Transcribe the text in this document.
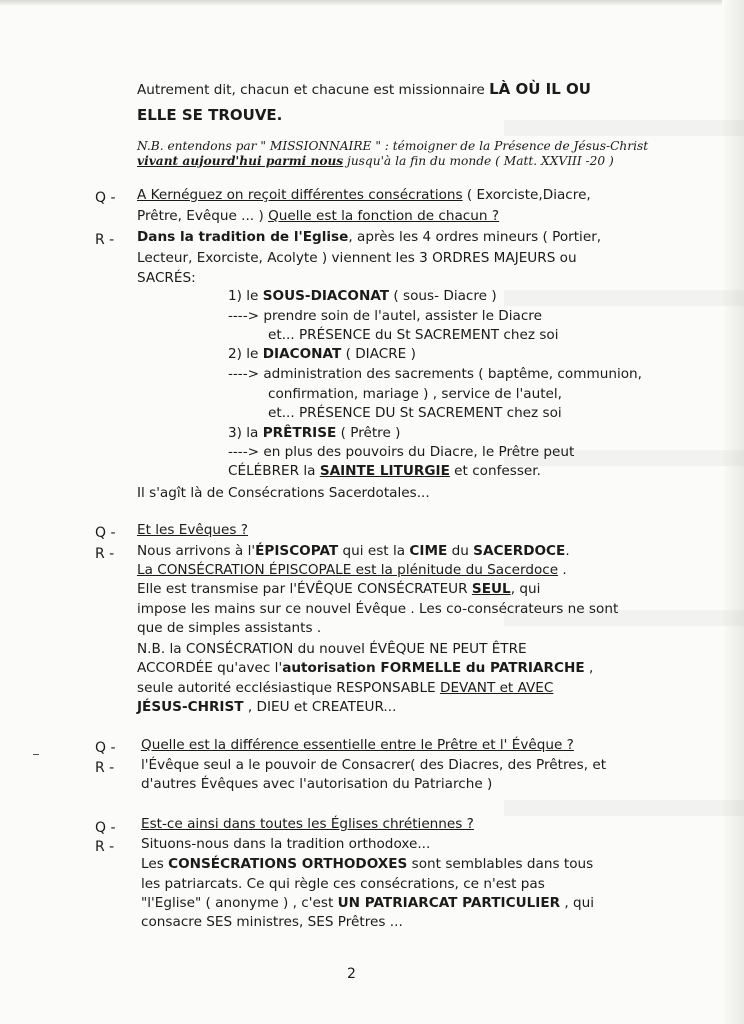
Autrement dit, chacun et chacune est missionnaire LÀ OÙ IL OU
ELLE SE TROUVE.
N.B. entendons par " MISSIONNAIRE " : témoigner de la Présence de Jésus-Christ
vivant aujourd'hui parmi nous jusqu'à la fin du monde ( Matt. XXVIII -20 )
Q - A Kernéguez on reçoit différentes consécrations ( Exorciste,Diacre,
Prêtre, Evêque ... ) Quelle est la fonction de chacun ?
R - Dans la tradition de l'Eglise, après les 4 ordres mineurs ( Portier,
Lecteur, Exorciste, Acolyte ) viennent les 3 ORDRES MAJEURS ou
SACRÉS:
1) le SOUS-DIACONAT ( sous- Diacre )
----> prendre soin de l'autel, assister le Diacre
et... PRÉSENCE du St SACREMENT chez soi
2) le DIACONAT ( DIACRE )
----> administration des sacrements ( baptême, communion,
confirmation, mariage ) , service de l'autel,
et... PRÉSENCE DU St SACREMENT chez soi
3) la PRÊTRISE ( Prêtre )
----> en plus des pouvoirs du Diacre, le Prêtre peut
CÉLÉBRER la SAINTE LITURGIE et confesser.
Il s'agît là de Consécrations Sacerdotales...
Q - Et les Evêques ?
R - Nous arrivons à l'ÉPISCOPAT qui est la CIME du SACERDOCE.
La CONSÉCRATION ÉPISCOPALE est la plénitude du Sacerdoce .
Elle est transmise par l'ÉVÊQUE CONSÉCRATEUR SEUL, qui
impose les mains sur ce nouvel Évêque . Les co-consécrateurs ne sont
que de simples assistants .
N.B. la CONSÉCRATION du nouvel ÉVÊQUE NE PEUT ÊTRE
ACCORDÉE qu'avec l'autorisation FORMELLE du PATRIARCHE ,
seule autorité ecclésiastique RESPONSABLE DEVANT et AVEC
JÉSUS-CHRIST , DIEU et CREATEUR...
Q - Quelle est la différence essentielle entre le Prêtre et l' Évêque ?
R - l'Évêque seul a le pouvoir de Consacrer( des Diacres, des Prêtres, et
d'autres Évêques avec l'autorisation du Patriarche )
Q - Est-ce ainsi dans toutes les Églises chrétiennes ?
R - Situons-nous dans la tradition orthodoxe...
Les CONSÉCRATIONS ORTHODOXES sont semblables dans tous
les patriarcats. Ce qui règle ces consécrations, ce n'est pas
"l'Eglise" ( anonyme ) , c'est UN PATRIARCAT PARTICULIER , qui
consacre SES ministres, SES Prêtres ...
2
